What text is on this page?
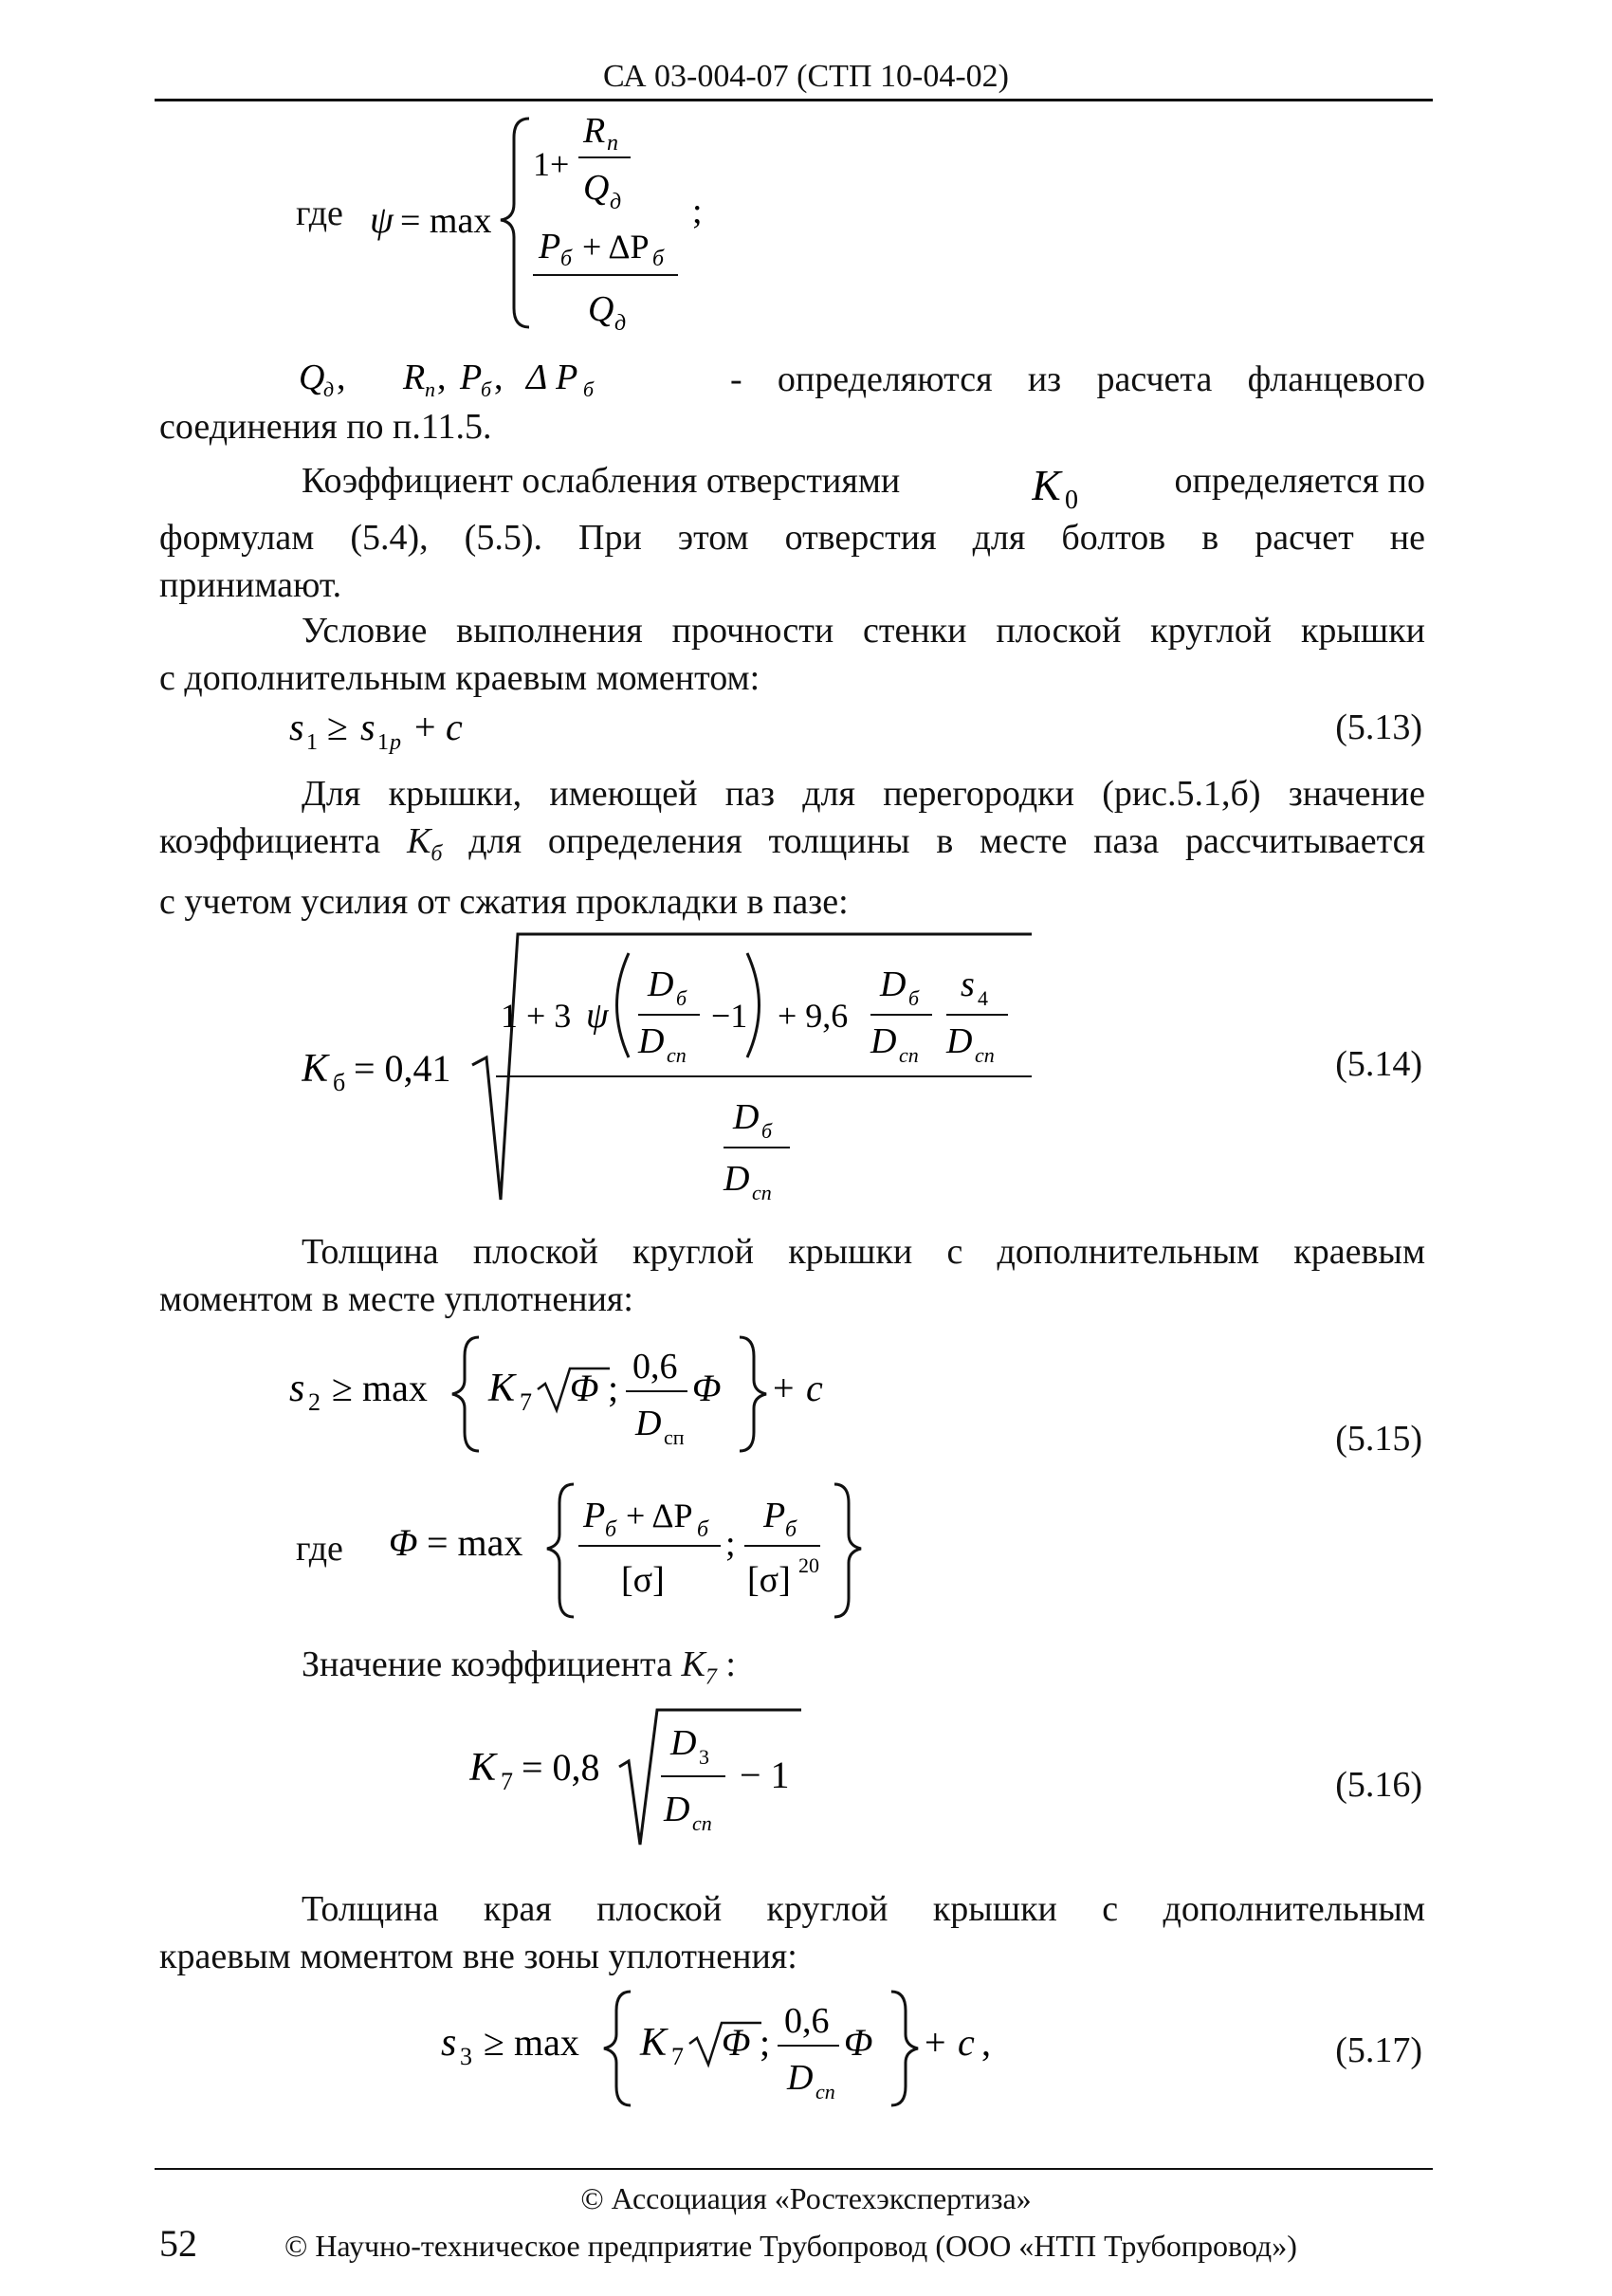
СА 03-004-07 (СТП 10-04-02)
где ψ = max
1+
R п
Q д ;
P б + ΔP б
Q д
Q
д , R п , P
б , Δ P б	- определяются из расчета фланцевого
соединения по п.11.5.
Коэффициент ослабления отверстиями	K 0	определяется по
формулам (5.4), (5.5). При этом отверстия для болтов в расчет не
принимают.
Условие выполнения прочности стенки плоской круглой крышки
с дополнительным краевым моментом:
s 1 ≥ s 1 p + c	(5.13)
Для крышки, имеющей паз для перегородки (рис.5.1,б) значение
коэффициента $K_б$ для определения толщины в месте паза рассчитывается
с учетом усилия от сжатия прокладки в пазе:
K б = 0,41
1 + 3 ψ
D б
D сп
−1 + 9,6
D б
D сп
s 4
D сп
D б
D сп
(5.14)
Толщина плоской круглой крышки с дополнительным краевым
моментом в месте уплотнения:
s 2 ≥ max K 7 Φ ; 0,6
D сп
Φ + c
(5.15)
где	Φ = max
P б + ΔP б
[σ]
;
P б
[σ] 20
Значение коэффициента $K_7$ :
K 7 = 0,8
D 3
D сп
− 1	(5.16)
Толщина края плоской круглой крышки с дополнительным
краевым моментом вне зоны уплотнения:
s 3 ≥ max K 7 Φ ; 0,6
D сп
Φ + c ,	(5.17)
© Ассоциация «Ростехэкспертиза»
52	© Научно-техническое предприятие Трубопровод (ООО «НТП Трубопровод»)
